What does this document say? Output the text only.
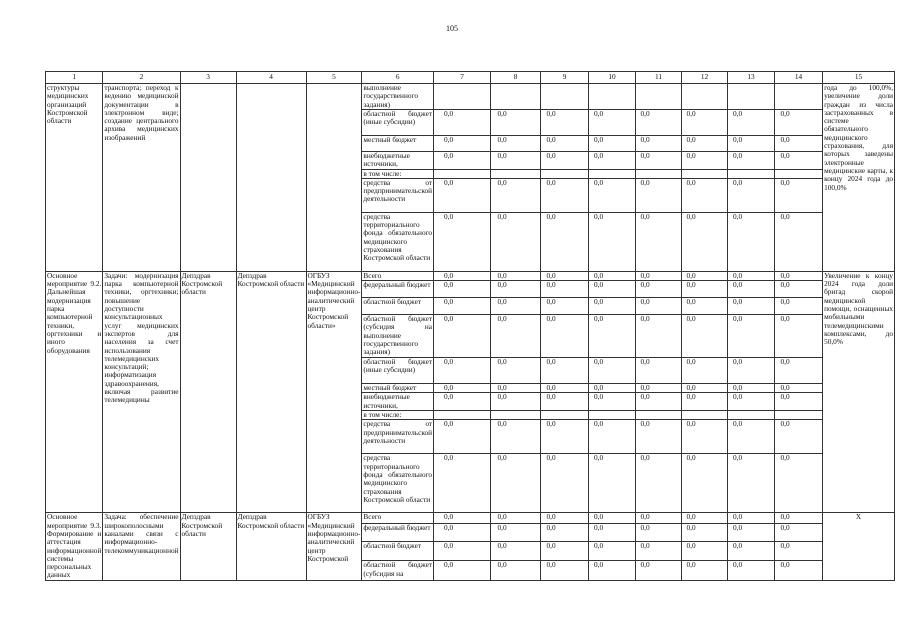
105
1	2	3	4	5	6	7	8	9	10	11	12	13	14	15
структуры медицинских организаций Костромской области	транспорта; переход к ведению медицинской документации в электронном виде; создание центрального архива медицинских изображений				выполнение государственного задания)									года до 100,0%, увеличение доли граждан из числа застрахованных в системе обязательного медицинского страхования, для которых заведены электронные медицинские карты, к концу 2024 года до 100,0%
					областной бюджет (иные субсидии)	0,0	0,0	0,0	0,0	0,0	0,0	0,0	0,0	
					местный бюджет	0,0	0,0	0,0	0,0	0,0	0,0	0,0	0,0	
					внебюджетные источники,	0,0	0,0	0,0	0,0	0,0	0,0	0,0	0,0	
					в том числе:									
					средства от предпринимательской деятельности	0,0	0,0	0,0	0,0	0,0	0,0	0,0	0,0	
					средства территориального фонда обязательного медицинского страхования Костромской области	0,0	0,0	0,0	0,0	0,0	0,0	0,0	0,0	
Основное мероприятие 9.2. Дальнейшая модернизация парка компьютерной техники, оргтехники и иного оборудования	Задачи: модернизация парка компьютерной техники, оргтехники; повышение доступности консультационных услуг медицинских экспертов для населения за счет использования телемедицинских консультаций; информатизация здравоохранения, включая развитие телемедицины	Депздрав Костромской области	Депздрав Костромской области	ОГБУЗ «Медицинский информационно-аналитический центр Костромской области»	Всего	0,0	0,0	0,0	0,0	0,0	0,0	0,0	0,0	Увеличение к концу 2024 года доли бригад скорой медицинской помощи, оснащенных мобильными телемедицинскими комплексами, до 50,0%
					федеральный бюджет	0,0	0,0	0,0	0,0	0,0	0,0	0,0	0,0	
					областной бюджет	0,0	0,0	0,0	0,0	0,0	0,0	0,0	0,0	
					областной бюджет (субсидия на выполнение государственного задания)	0,0	0,0	0,0	0,0	0,0	0,0	0,0	0,0	
					областной бюджет (иные субсидии)	0,0	0,0	0,0	0,0	0,0	0,0	0,0	0,0	
					местный бюджет	0,0	0,0	0,0	0,0	0,0	0,0	0,0	0,0	
					внебюджетные источники,	0,0	0,0	0,0	0,0	0,0	0,0	0,0	0,0	
					в том числе:									
					средства от предпринимательской деятельности	0,0	0,0	0,0	0,0	0,0	0,0	0,0	0,0	
					средства территориального фонда обязательного медицинского страхования Костромской области	0,0	0,0	0,0	0,0	0,0	0,0	0,0	0,0	
Основное мероприятие 9.3. Формирование и аттестация информационной системы персональных данных	Задача: обеспечение широкополосными каналами связи с информационно-телекоммуникационной	Депздрав Костромской области	Депздрав Костромской области	ОГБУЗ «Медицинский информационно-аналитический центр Костромской	Всего	0,0	0,0	0,0	0,0	0,0	0,0	0,0	0,0	X
					федеральный бюджет	0,0	0,0	0,0	0,0	0,0	0,0	0,0	0,0	
					областной бюджет	0,0	0,0	0,0	0,0	0,0	0,0	0,0	0,0	
					областной бюджет (субсидия на	0,0	0,0	0,0	0,0	0,0	0,0	0,0	0,0	
